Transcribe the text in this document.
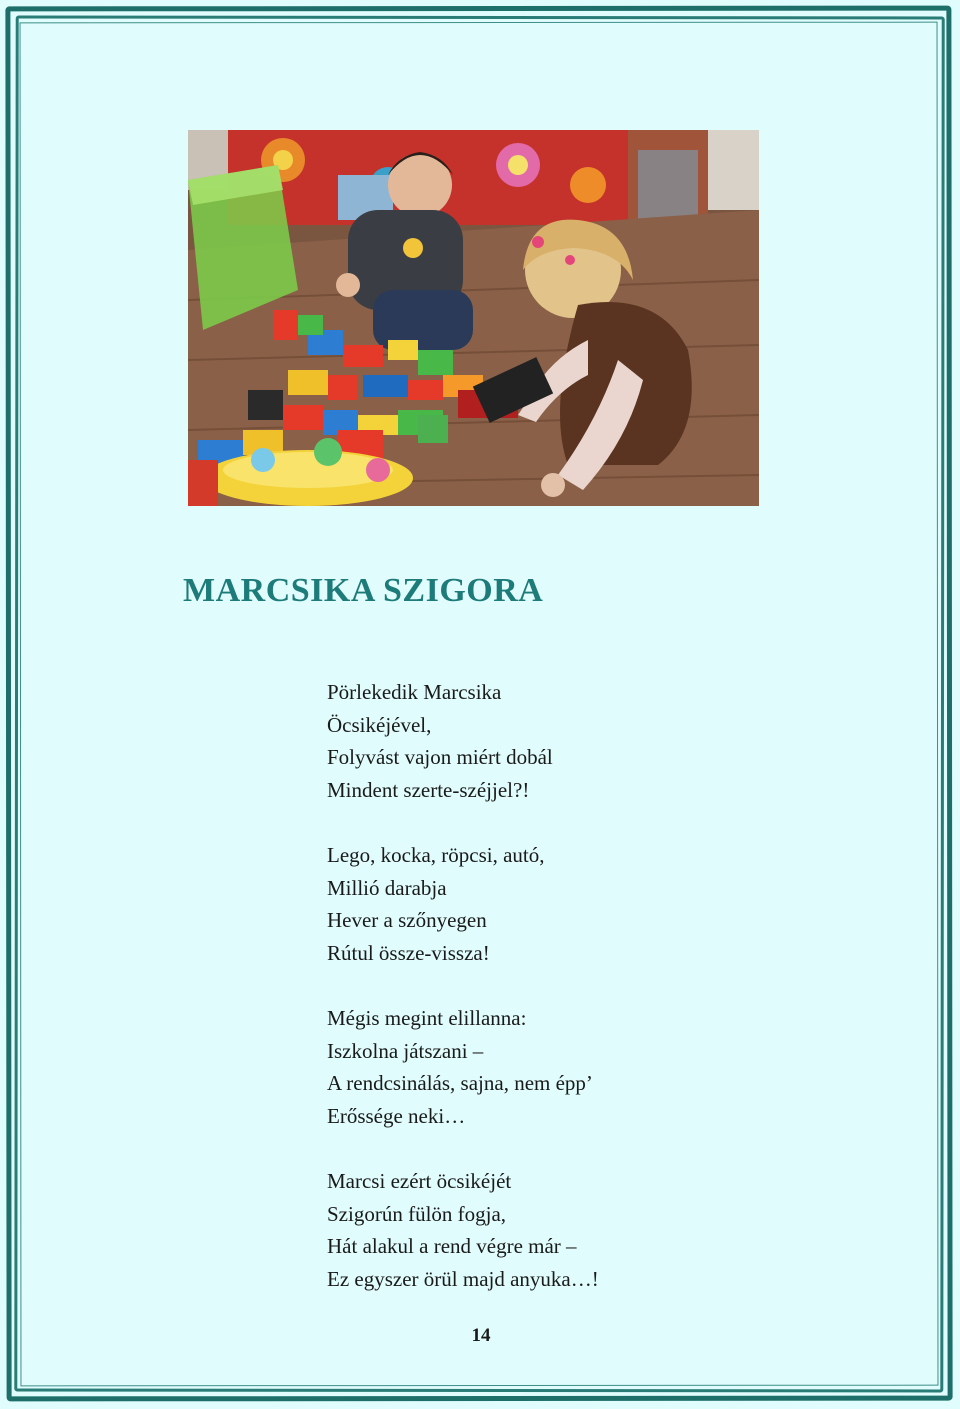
MARCSIKA SZIGORA

Pörlekedik Marcsika
Öcsikéjével,
Folyvást vajon miért dobál
Mindent szerte-széjjel?!

Lego, kocka, röpcsi, autó,
Millió darabja
Hever a szőnyegen
Rútul össze-vissza!

Mégis megint elillanna:
Iszkolna játszani –
A rendcsinálás, sajna, nem épp’
Erőssége neki…

Marcsi ezért öcsikéjét
Szigorún fülön fogja,
Hát alakul a rend végre már –
Ez egyszer örül majd anyuka…!

14
